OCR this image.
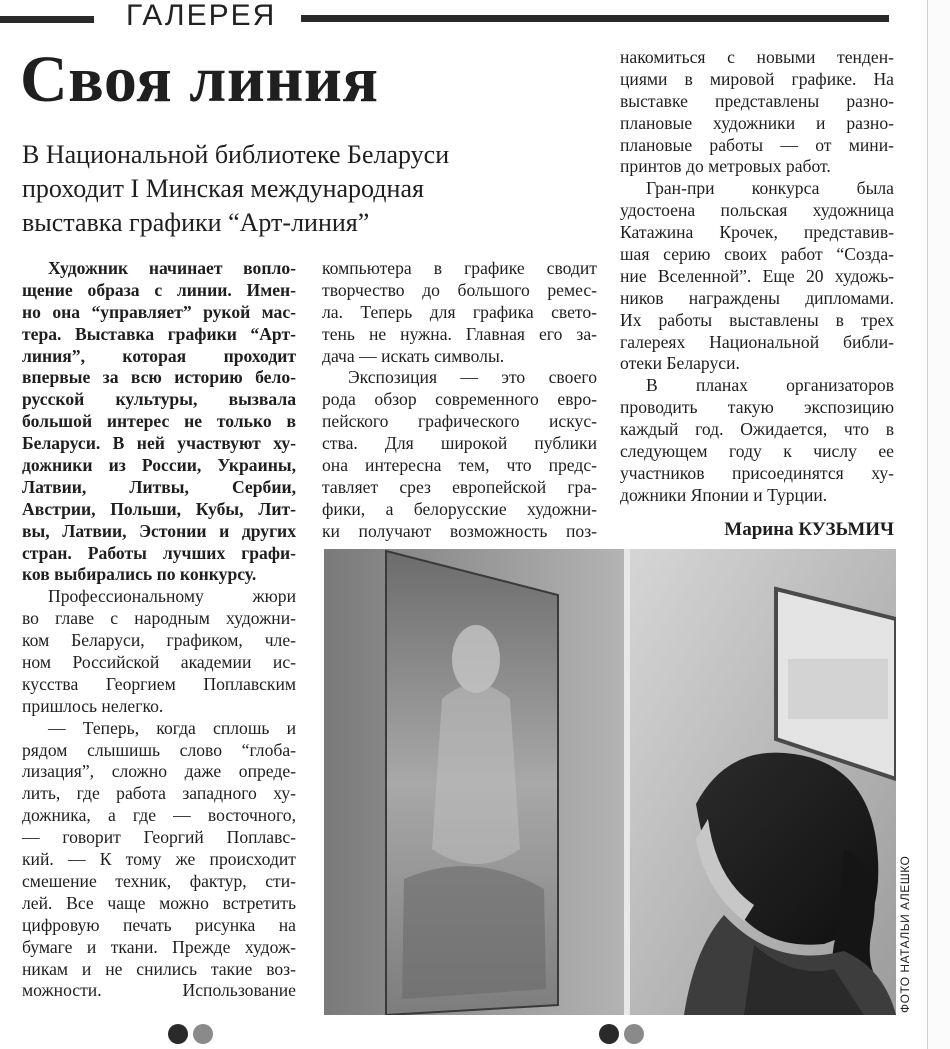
ГАЛЕРЕЯ
Своя линия
В Национальной библиотеке Беларуси
проходит I Минская международная
выставка графики “Арт-линия”
Художник начинает вопло-
щение образа с линии. Имен-
но она “управляет” рукой мас-
тера. Выставка графики “Арт-
линия”, которая проходит
впервые за всю историю бело-
русской культуры, вызвала
большой интерес не только в
Беларуси. В ней участвуют ху-
дожники из России, Украины,
Латвии, Литвы, Сербии,
Австрии, Польши, Кубы, Лит-
вы, Латвии, Эстонии и других
стран. Работы лучших графи-
ков выбирались по конкурсу.
Профессиональному жюри
во главе с народным художни-
ком Беларуси, графиком, чле-
ном Российской академии ис-
кусства Георгием Поплавским
пришлось нелегко.
— Теперь, когда сплошь и
рядом слышишь слово “глоба-
лизация”, сложно даже опреде-
лить, где работа западного ху-
дожника, а где — восточного,
— говорит Георгий Поплавс-
кий. — К тому же происходит
смешение техник, фактур, сти-
лей. Все чаще можно встретить
цифровую печать рисунка на
бумаге и ткани. Прежде худож-
никам и не снились такие воз-
можности. Использование
компьютера в графике сводит
творчество до большого ремес-
ла. Теперь для графика свето-
тень не нужна. Главная его за-
дача — искать символы.
Экспозиция — это своего
рода обзор современного евро-
пейского графического искус-
ства. Для широкой публики
она интересна тем, что предс-
тавляет срез европейской гра-
фики, а белорусские художни-
ки получают возможность поз-
накомиться с новыми тенден-
циями в мировой графике. На
выставке представлены разно-
плановые художники и разно-
плановые работы — от мини-
принтов до метровых работ.
Гран-при конкурса была
удостоена польская художница
Катажина Крочек, представив-
шая серию своих работ “Созда-
ние Вселенной”. Еще 20 художь-
ников награждены дипломами.
Их работы выставлены в трех
галереях Национальной библи-
отеки Беларуси.
В планах организаторов
проводить такую экспозицию
каждый год. Ожидается, что в
следующем году к числу ее
участников присоединятся ху-
дожники Японии и Турции.
Марина КУЗЬМИЧ
ФОТО НАТАЛЬИ АЛЕШКО
